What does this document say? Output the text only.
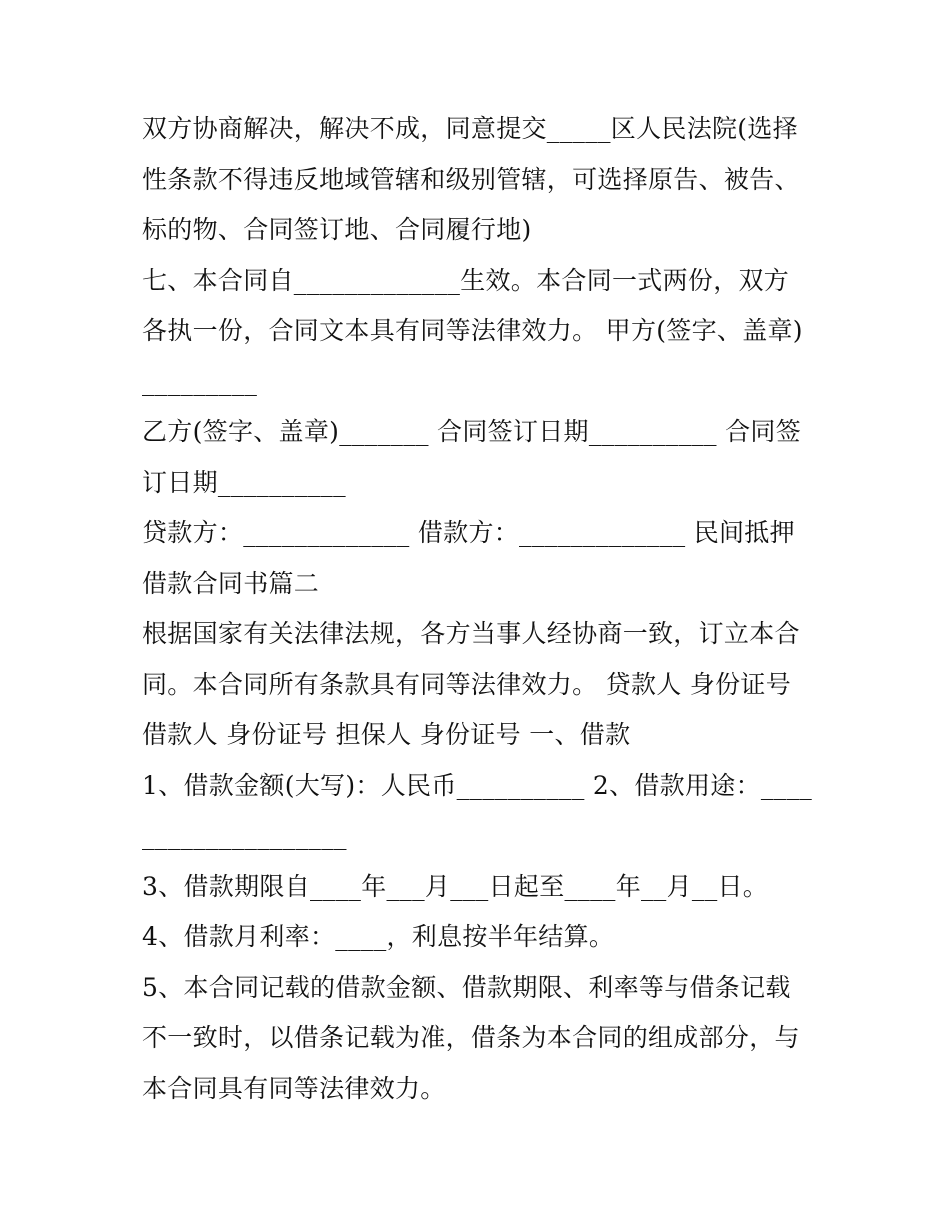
双方协商解决，解决不成，同意提交_____区人民法院(选择性条款不得违反地域管辖和级别管辖，可选择原告、被告、标的物、合同签订地、合同履行地)

七、本合同自_____________生效。本合同一式两份，双方各执一份，合同文本具有同等法律效力。 甲方(签字、盖章)_________

乙方(签字、盖章)_______ 合同签订日期__________ 合同签订日期__________

贷款方：_____________ 借款方：_____________ 民间抵押借款合同书篇二

根据国家有关法律法规，各方当事人经协商一致，订立本合同。本合同所有条款具有同等法律效力。 贷款人 身份证号 借款人 身份证号 担保人 身份证号 一、借款

1、借款金额(大写)：人民币__________ 2、借款用途：____________________

3、借款期限自____年___月___日起至____年__月__日。 4、借款月利率：____，利息按半年结算。

5、本合同记载的借款金额、借款期限、利率等与借条记载不一致时，以借条记载为准，借条为本合同的组成部分，与本合同具有同等法律效力。
